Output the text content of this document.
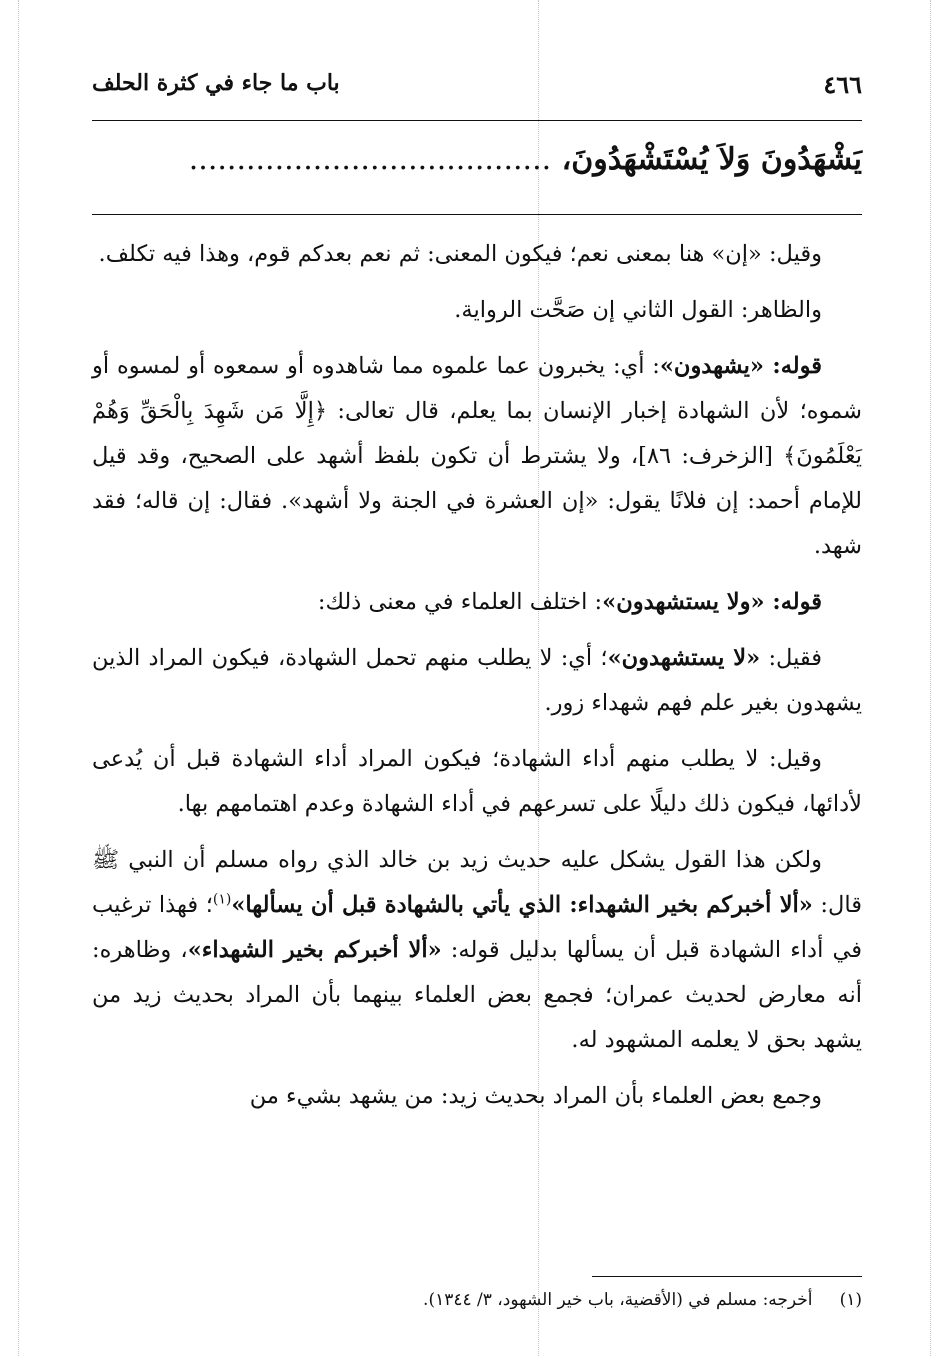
٤٦٦
باب ما جاء في كثرة الحلف
يَشْهَدُونَ وَلاَ يُسْتَشْهَدُونَ، ......................................

وقيل: «إن» هنا بمعنى نعم؛ فيكون المعنى: ثم نعم بعدكم قوم، وهذا فيه تكلف.

والظاهر: القول الثاني إن صَحَّت الرواية.

قوله: «يشهدون»: أي: يخبرون عما علموه مما شاهدوه أو سمعوه أو لمسوه أو شموه؛ لأن الشهادة إخبار الإنسان بما يعلم، قال تعالى: ﴿إِلَّا مَن شَهِدَ بِالْحَقِّ وَهُمْ يَعْلَمُونَ﴾ [الزخرف: ٨٦]، ولا يشترط أن تكون بلفظ أشهد على الصحيح، وقد قيل للإمام أحمد: إن فلانًا يقول: «إن العشرة في الجنة ولا أشهد». فقال: إن قاله؛ فقد شهد.

قوله: «ولا يستشهدون»: اختلف العلماء في معنى ذلك:

فقيل: «لا يستشهدون»؛ أي: لا يطلب منهم تحمل الشهادة، فيكون المراد الذين يشهدون بغير علم فهم شهداء زور.

وقيل: لا يطلب منهم أداء الشهادة؛ فيكون المراد أداء الشهادة قبل أن يُدعى لأدائها، فيكون ذلك دليلًا على تسرعهم في أداء الشهادة وعدم اهتمامهم بها.

ولكن هذا القول يشكل عليه حديث زيد بن خالد الذي رواه مسلم أن النبي ﷺ قال: «ألا أخبركم بخير الشهداء: الذي يأتي بالشهادة قبل أن يسألها»$^{(١)}$؛ فهذا ترغيب في أداء الشهادة قبل أن يسألها بدليل قوله: «ألا أخبركم بخير الشهداء»، وظاهره: أنه معارض لحديث عمران؛ فجمع بعض العلماء بينهما بأن المراد بحديث زيد من يشهد بحق لا يعلمه المشهود له.

وجمع بعض العلماء بأن المراد بحديث زيد: من يشهد بشيء من

(١)     أخرجه: مسلم في (الأقضية، باب خير الشهود، ٣/ ١٣٤٤).
